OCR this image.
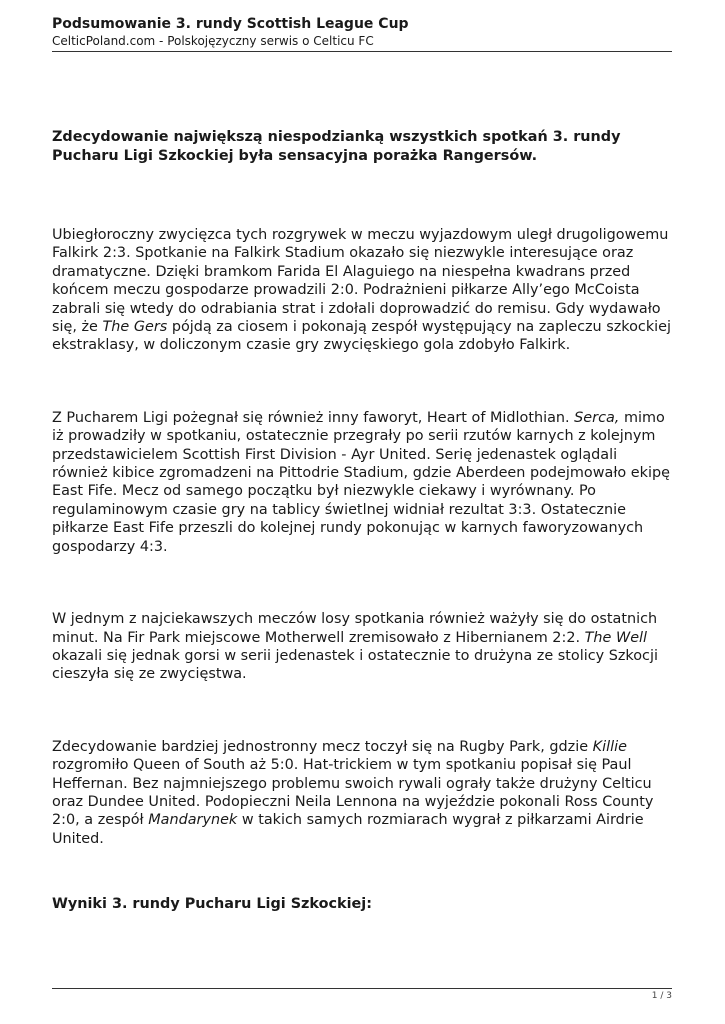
Podsumowanie 3. rundy Scottish League Cup

CelticPoland.com - Polskojęzyczny serwis o Celticu FC

Zdecydowanie największą niespodzianką wszystkich spotkań 3. rundy Pucharu Ligi Szkockiej była sensacyjna porażka Rangersów.

Ubiegłoroczny zwycięzca tych rozgrywek w meczu wyjazdowym uległ drugoligowemu Falkirk 2:3. Spotkanie na Falkirk Stadium okazało się niezwykle interesujące oraz dramatyczne. Dzięki bramkom Farida El Alaguiego na niespełna kwadrans przed końcem meczu gospodarze prowadzili 2:0. Podrażnieni piłkarze Ally’ego McCoista zabrali się wtedy do odrabiania strat i zdołali doprowadzić do remisu. Gdy wydawało się, że The Gers pójdą za ciosem i pokonają zespół występujący na zapleczu szkockiej ekstraklasy, w doliczonym czasie gry zwycięskiego gola zdobyło Falkirk.

Z Pucharem Ligi pożegnał się również inny faworyt, Heart of Midlothian. Serca, mimo iż prowadziły w spotkaniu, ostatecznie przegrały po serii rzutów karnych z kolejnym przedstawicielem Scottish First Division - Ayr United. Serię jedenastek oglądali również kibice zgromadzeni na Pittodrie Stadium, gdzie Aberdeen podejmowało ekipę East Fife. Mecz od samego początku był niezwykle ciekawy i wyrównany. Po regulaminowym czasie gry na tablicy świetlnej widniał rezultat 3:3. Ostatecznie piłkarze East Fife przeszli do kolejnej rundy pokonując w karnych faworyzowanych gospodarzy 4:3.

W jednym z najciekawszych meczów losy spotkania również ważyły się do ostatnich minut. Na Fir Park miejscowe Motherwell zremisowało z Hibernianem 2:2. The Well okazali się jednak gorsi w serii jedenastek i ostatecznie to drużyna ze stolicy Szkocji cieszyła się ze zwycięstwa.

Zdecydowanie bardziej jednostronny mecz toczył się na Rugby Park, gdzie Killie rozgromiło Queen of South aż 5:0. Hat-trickiem w tym spotkaniu popisał się Paul Heffernan. Bez najmniejszego problemu swoich rywali ograły także drużyny Celticu oraz Dundee United. Podopieczni Neila Lennona na wyjeździe pokonali Ross County 2:0, a zespół Mandarynek w takich samych rozmiarach wygrał z piłkarzami Airdrie United.

Wyniki 3. rundy Pucharu Ligi Szkockiej:

1 / 3
